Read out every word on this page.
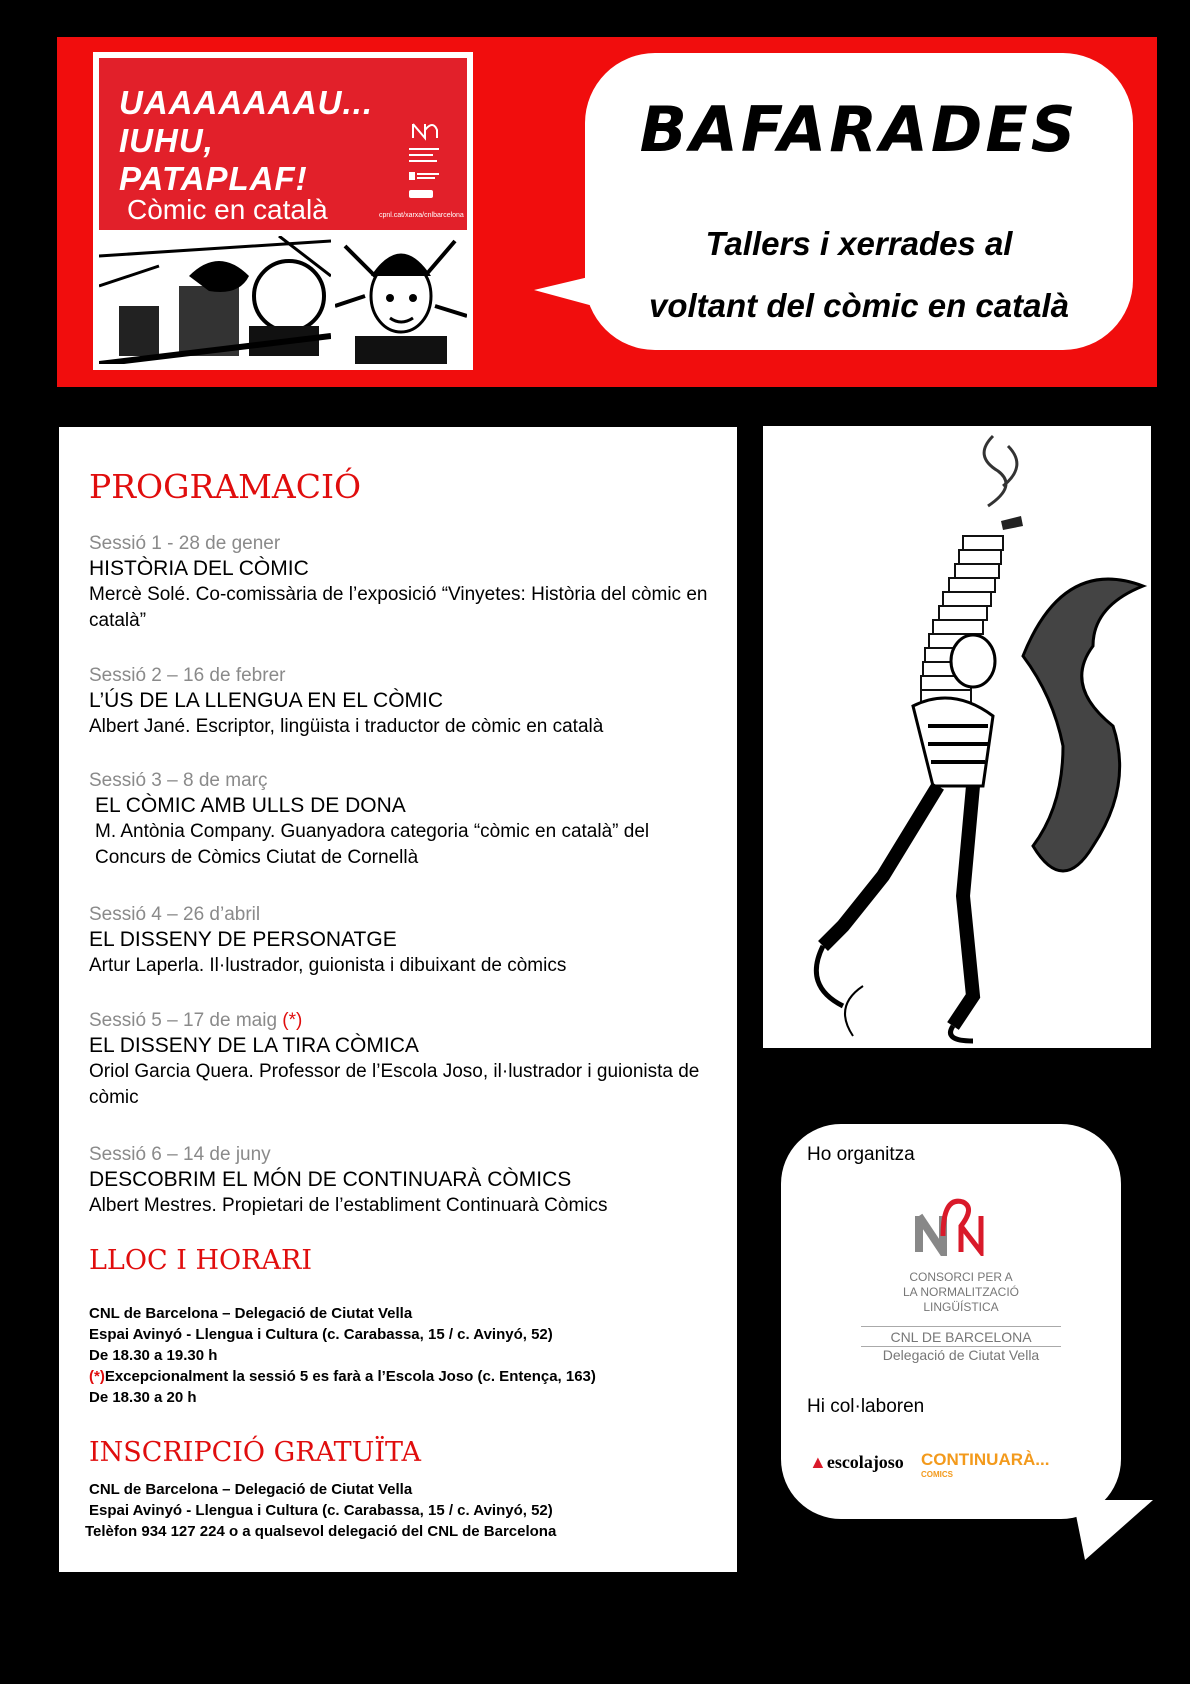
UAAAAAAAU...
IUHU,
PATAPLAF!
Còmic en català	cpnl.cat/xarxa/cnlbarcelona
BAFARADES
Tallers i xerrades al
voltant del còmic en català
PROGRAMACIÓ
Sessió 1 - 28 de gener
HISTÒRIA DEL CÒMIC
Mercè Solé. Co-comissària de l’exposició “Vinyetes: Història del còmic en català”
Sessió 2 – 16 de febrer
L’ÚS DE LA LLENGUA EN EL CÒMIC
Albert Jané. Escriptor, lingüista i traductor de còmic en català
Sessió 3 – 8 de març
EL CÒMIC AMB ULLS DE DONA
M. Antònia Company. Guanyadora categoria “còmic en català” del Concurs de Còmics Ciutat de Cornellà
Sessió 4 – 26 d’abril
EL DISSENY DE PERSONATGE
Artur Laperla. Il·lustrador, guionista i dibuixant de còmics
Sessió 5 – 17 de maig (*)
EL DISSENY DE LA TIRA CÒMICA
Oriol Garcia Quera. Professor de l’Escola Joso, il·lustrador i guionista de còmic
Sessió 6 – 14 de juny
DESCOBRIM EL MÓN DE CONTINUARÀ CÒMICS
Albert Mestres. Propietari de l’establiment Continuarà Còmics
LLOC I HORARI
CNL de Barcelona – Delegació de Ciutat Vella
Espai Avinyó - Llengua i Cultura (c. Carabassa, 15 / c. Avinyó, 52)
De 18.30 a 19.30 h
(*)Excepcionalment la sessió 5 es farà a l’Escola Joso (c. Entença, 163)
De 18.30 a 20 h
INSCRIPCIÓ GRATUÏTA
CNL de Barcelona – Delegació de Ciutat Vella
Espai Avinyó - Llengua i Cultura (c. Carabassa, 15 / c. Avinyó, 52)
Telèfon 934 127 224 o a qualsevol delegació del CNL de Barcelona
Ho organitza
CONSORCI PER A
LA NORMALITZACIÓ
LINGÜÍSTICA
CNL DE BARCELONA
Delegació de Ciutat Vella
Hi col·laboren
▲escolajoso CONTINUARÀ...
COMICS
